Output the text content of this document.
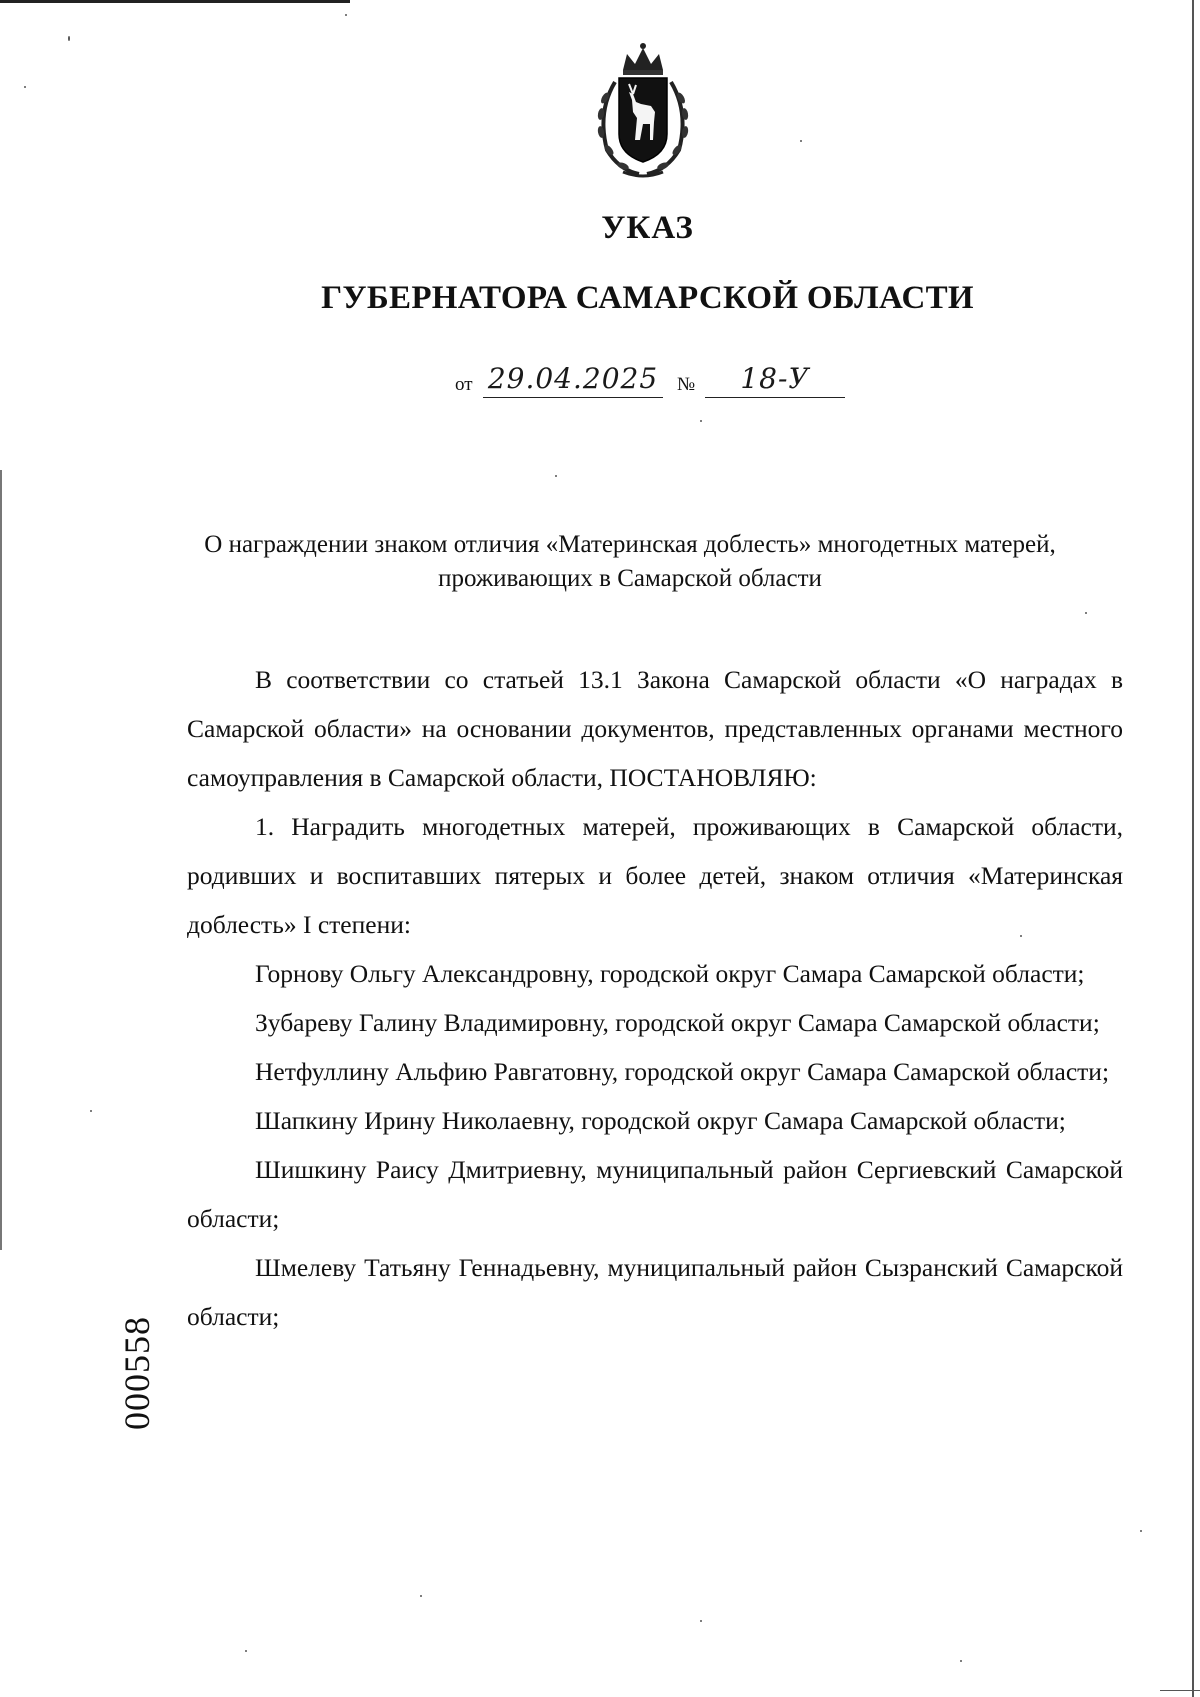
УКАЗ
ГУБЕРНАТОРА САМАРСКОЙ ОБЛАСТИ
от 29.04.2025 №	18-У
О награждении знаком отличия «Материнская доблесть» многодетных матерей, проживающих в Самарской области

В соответствии со статьей 13.1 Закона Самарской области «О наградах в Самарской области» на основании документов, представленных органами местного самоуправления в Самарской области, ПОСТАНОВЛЯЮ:

1. Наградить многодетных матерей, проживающих в Самарской области, родивших и воспитавших пятерых и более детей, знаком отличия «Материнская доблесть» I степени:

Горнову Ольгу Александровну, городской округ Самара Самарской области;

Зубареву Галину Владимировну, городской округ Самара Самарской области;

Нетфуллину Альфию Равгатовну, городской округ Самара Самарской области;

Шапкину Ирину Николаевну, городской округ Самара Самарской области;

Шишкину Раису Дмитриевну, муниципальный район Сергиевский Самарской области;

Шмелеву Татьяну Геннадьевну, муниципальный район Сызранский Самарской области;

000558
